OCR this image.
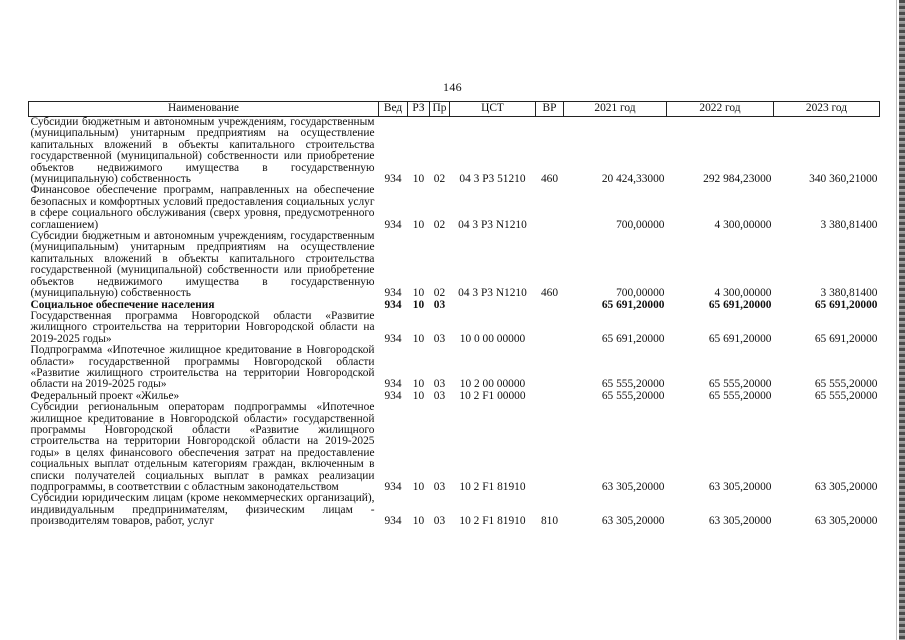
146
Наименование	Вед	РЗ	Пр	ЦСТ	ВР	2021 год	2022 год	2023 год
Субсидии бюджетным и автономным учреждениям, государственным (муниципальным) унитарным предприятиям на осуществление капитальных вложений в объекты капитального строительства государственной (муниципальной) собственности или приобретение объектов недвижимого имущества в государственную (муниципальную) собственность	934	10	02	04 3 Р3 51210	460	20 424,33000	292 984,23000	340 360,21000
Финансовое обеспечение программ, направленных на обеспечение безопасных и комфортных условий предоставления социальных услуг в сфере социального обслуживания (сверх уровня, предусмотренного соглашением)	934	10	02	04 3 Р3 N1210		700,00000	4 300,00000	3 380,81400
Субсидии бюджетным и автономным учреждениям, государственным (муниципальным) унитарным предприятиям на осуществление капитальных вложений в объекты капитального строительства государственной (муниципальной) собственности или приобретение объектов недвижимого имущества в государственную (муниципальную) собственность	934	10	02	04 3 Р3 N1210	460	700,00000	4 300,00000	3 380,81400
Социальное обеспечение населения	934	10	03			65 691,20000	65 691,20000	65 691,20000
Государственная программа Новгородской области «Развитие жилищного строительства на территории Новгородской области на 2019-2025 годы»	934	10	03	10 0 00 00000		65 691,20000	65 691,20000	65 691,20000
Подпрограмма «Ипотечное жилищное кредитование в Новгородской области» государственной программы Новгородской области «Развитие жилищного строительства на территории Новгородской области на 2019-2025 годы»	934	10	03	10 2 00 00000		65 555,20000	65 555,20000	65 555,20000
Федеральный проект «Жилье»	934	10	03	10 2 F1 00000		65 555,20000	65 555,20000	65 555,20000
Субсидии региональным операторам подпрограммы «Ипотечное жилищное кредитование в Новгородской области» государственной программы Новгородской области «Развитие жилищного строительства на территории Новгородской области на 2019-2025 годы» в целях финансового обеспечения затрат на предоставление социальных выплат отдельным категориям граждан, включенным в списки получателей социальных выплат в рамках реализации подпрограммы, в соответствии с областным законодательством	934	10	03	10 2 F1 81910		63 305,20000	63 305,20000	63 305,20000
Субсидии юридическим лицам (кроме некоммерческих организаций), индивидуальным предпринимателям, физическим лицам - производителям товаров, работ, услуг	934	10	03	10 2 F1 81910	810	63 305,20000	63 305,20000	63 305,20000
